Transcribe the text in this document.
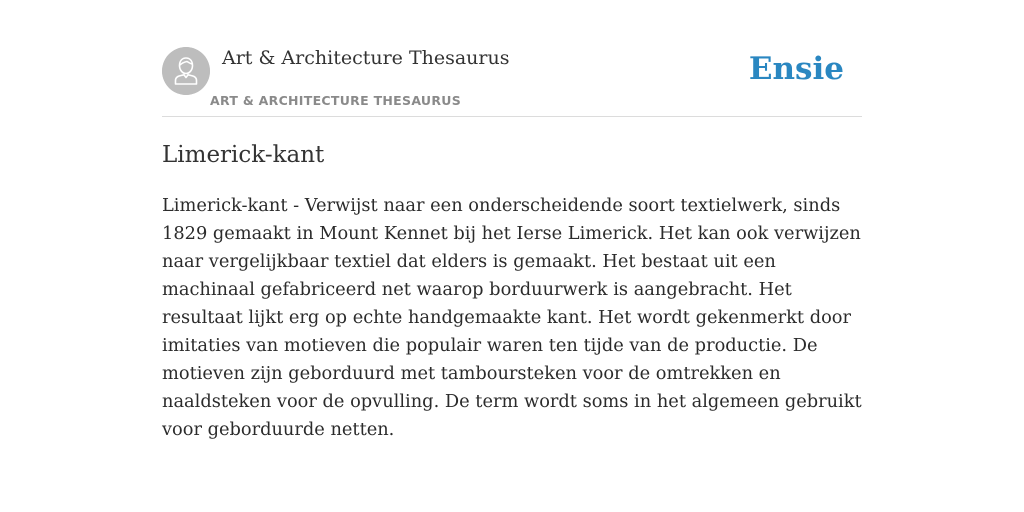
Art & Architecture Thesaurus
ART & ARCHITECTURE THESAURUS
Ensie
Limerick-kant

Limerick-kant - Verwijst naar een onderscheidende soort textielwerk, sinds 1829 gemaakt in Mount Kennet bij het Ierse Limerick. Het kan ook verwijzen naar vergelijkbaar textiel dat elders is gemaakt. Het bestaat uit een machinaal gefabriceerd net waarop borduurwerk is aangebracht. Het resultaat lijkt erg op echte handgemaakte kant. Het wordt gekenmerkt door imitaties van motieven die populair waren ten tijde van de productie. De motieven zijn geborduurd met tamboursteken voor de omtrekken en naaldsteken voor de opvulling. De term wordt soms in het algemeen gebruikt voor geborduurde netten.
